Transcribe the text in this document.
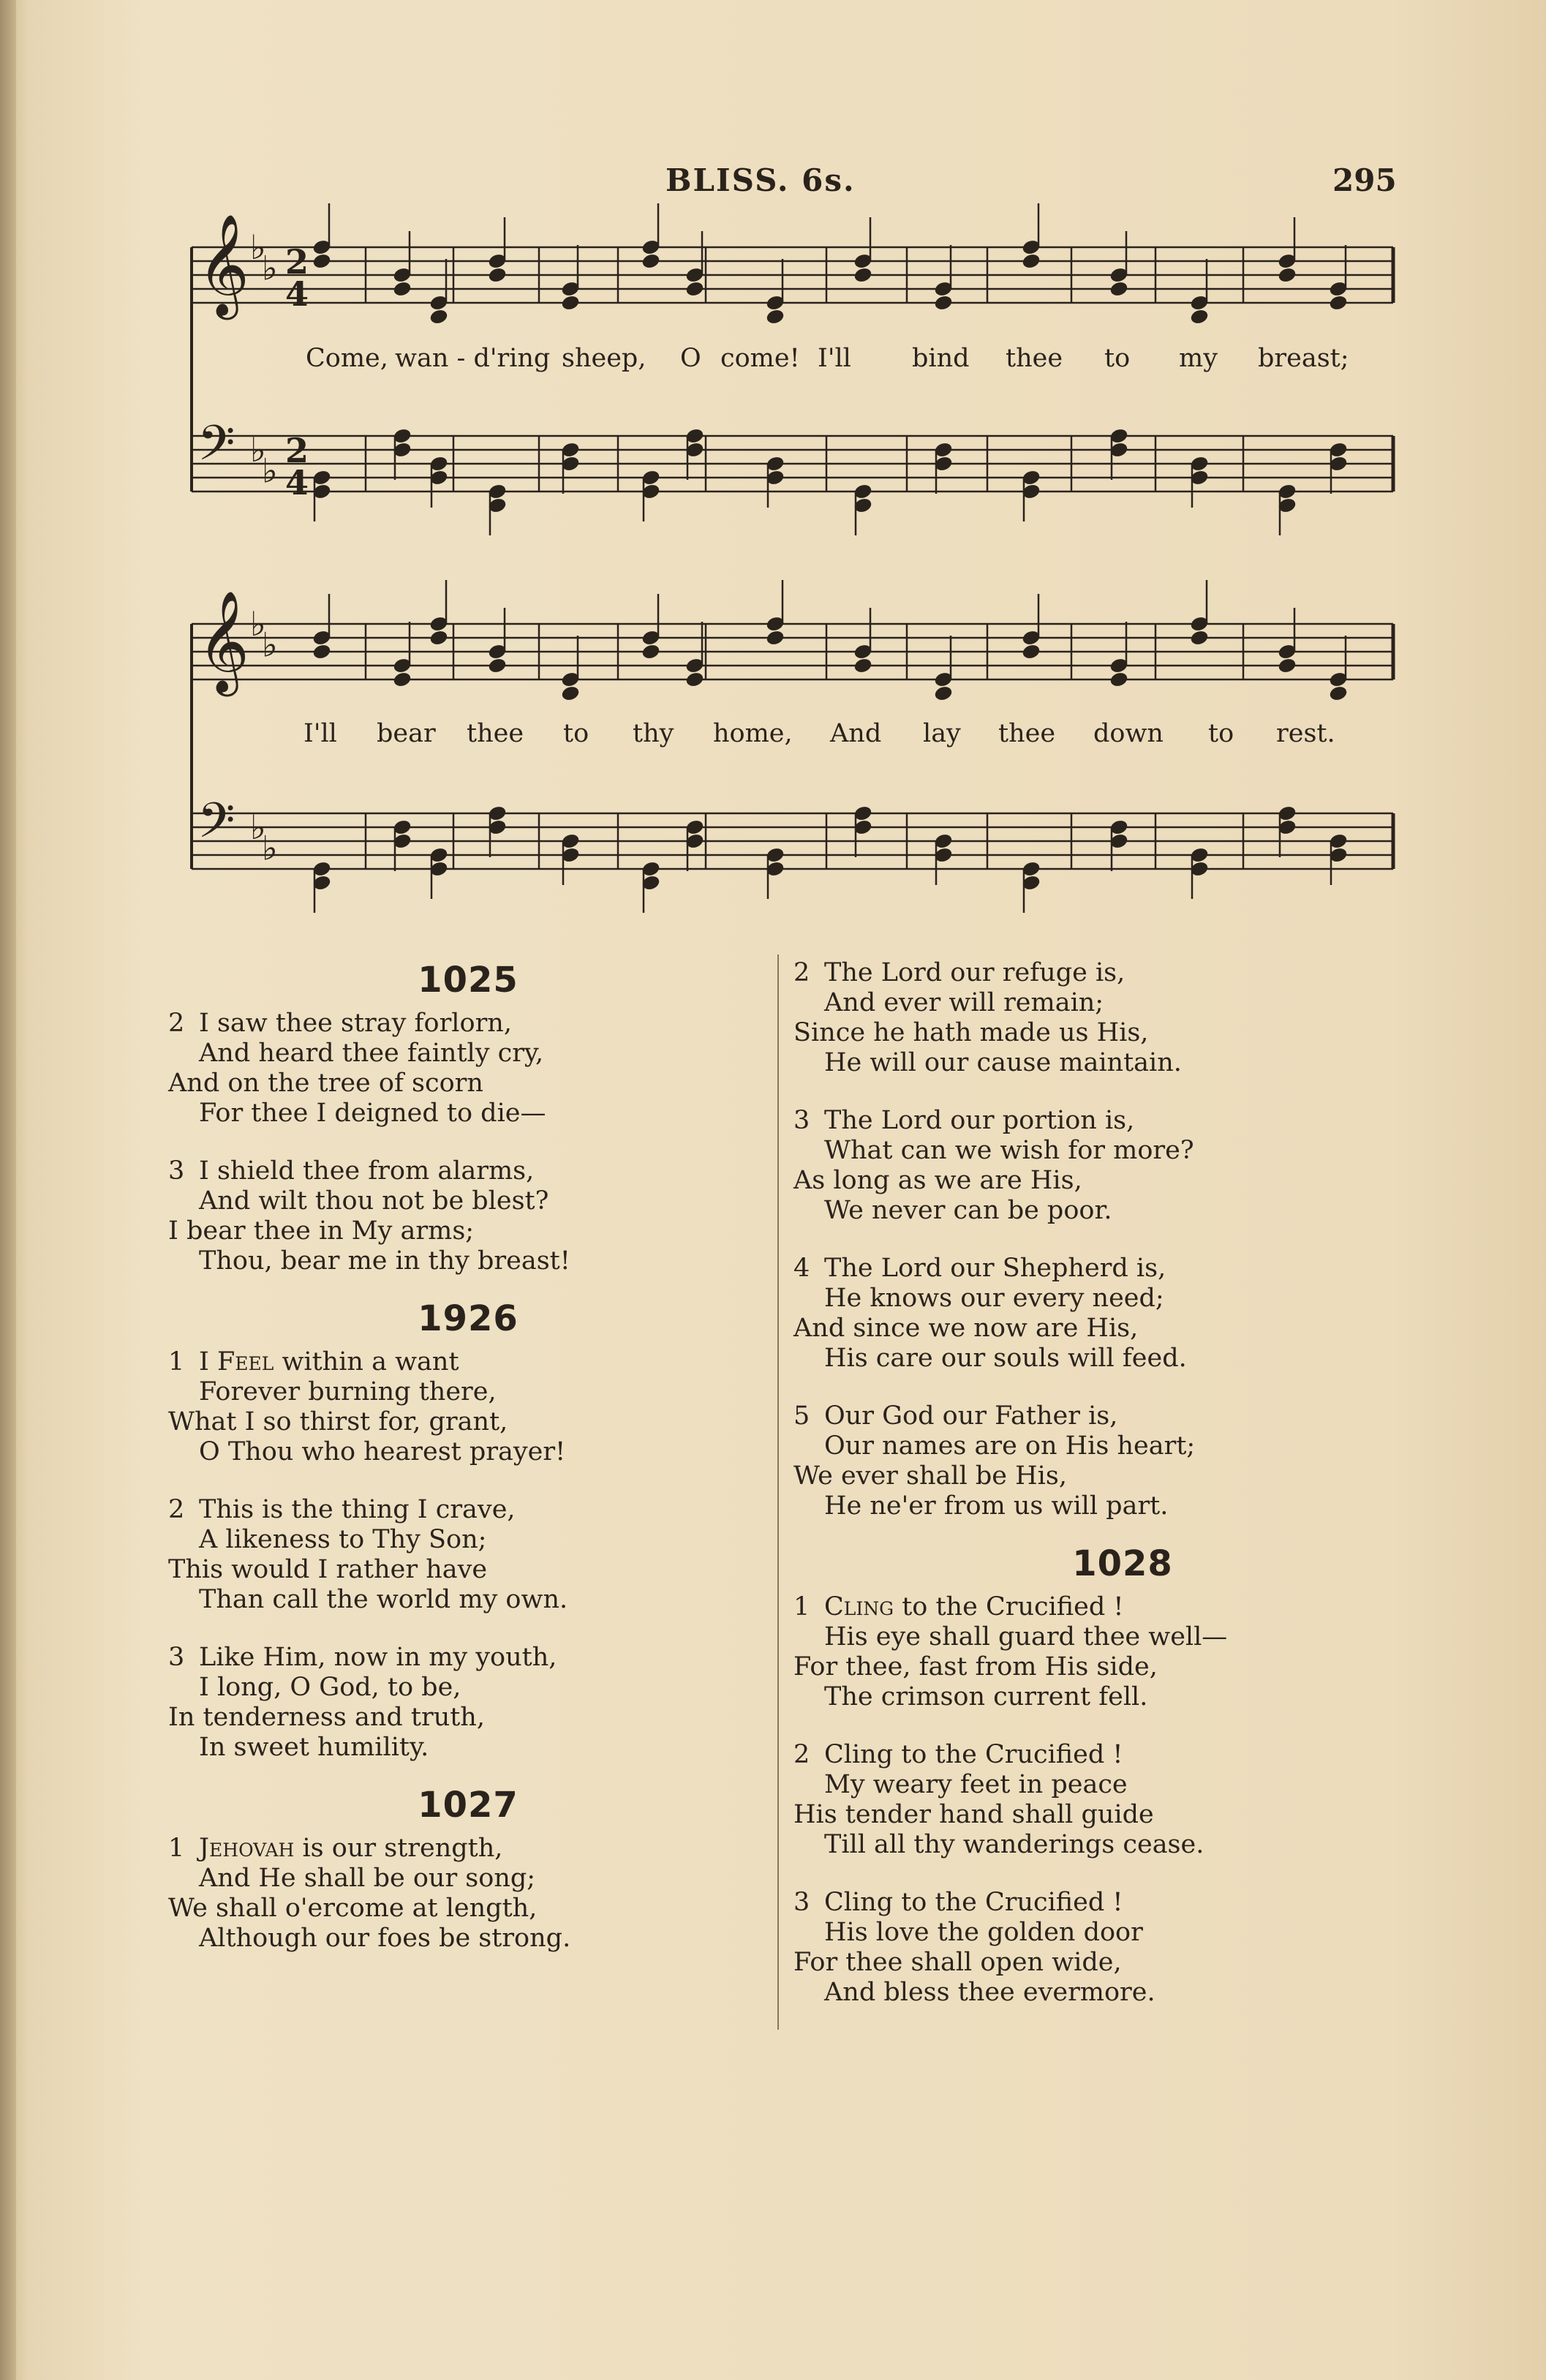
BLISS. 6s.	295
𝄞 ♭
♭ 2
4
𝄢 ♭
♭
2
4
𝄞 ♭
♭
𝄢 ♭
♭
Come, wan - d'ring sheep, O come! I'll bind thee to my breast;
I'll bear thee to thy home, And lay thee down to rest.
1025
2 I saw thee stray forlorn,
And heard thee faintly cry,
And on the tree of scorn
For thee I deigned to die—
3 I shield thee from alarms,
And wilt thou not be blest?
I bear thee in My arms;
Thou, bear me in thy breast!
1926
1 I Feel within a want
Forever burning there,
What I so thirst for, grant,
O Thou who hearest prayer!
2 This is the thing I crave,
A likeness to Thy Son;
This would I rather have
Than call the world my own.
3 Like Him, now in my youth,
I long, O God, to be,
In tenderness and truth,
In sweet humility.
1027
1 Jehovah is our strength,
And He shall be our song;
We shall o'ercome at length,
Although our foes be strong.
2 The Lord our refuge is,
And ever will remain;
Since he hath made us His,
He will our cause maintain.
3 The Lord our portion is,
What can we wish for more?
As long as we are His,
We never can be poor.
4 The Lord our Shepherd is,
He knows our every need;
And since we now are His,
His care our souls will feed.
5 Our God our Father is,
Our names are on His heart;
We ever shall be His,
He ne'er from us will part.
1028
1 Cling to the Crucified !
His eye shall guard thee well—
For thee, fast from His side,
The crimson current fell.
2 Cling to the Crucified !
My weary feet in peace
His tender hand shall guide
Till all thy wanderings cease.
3 Cling to the Crucified !
His love the golden door
For thee shall open wide,
And bless thee evermore.
